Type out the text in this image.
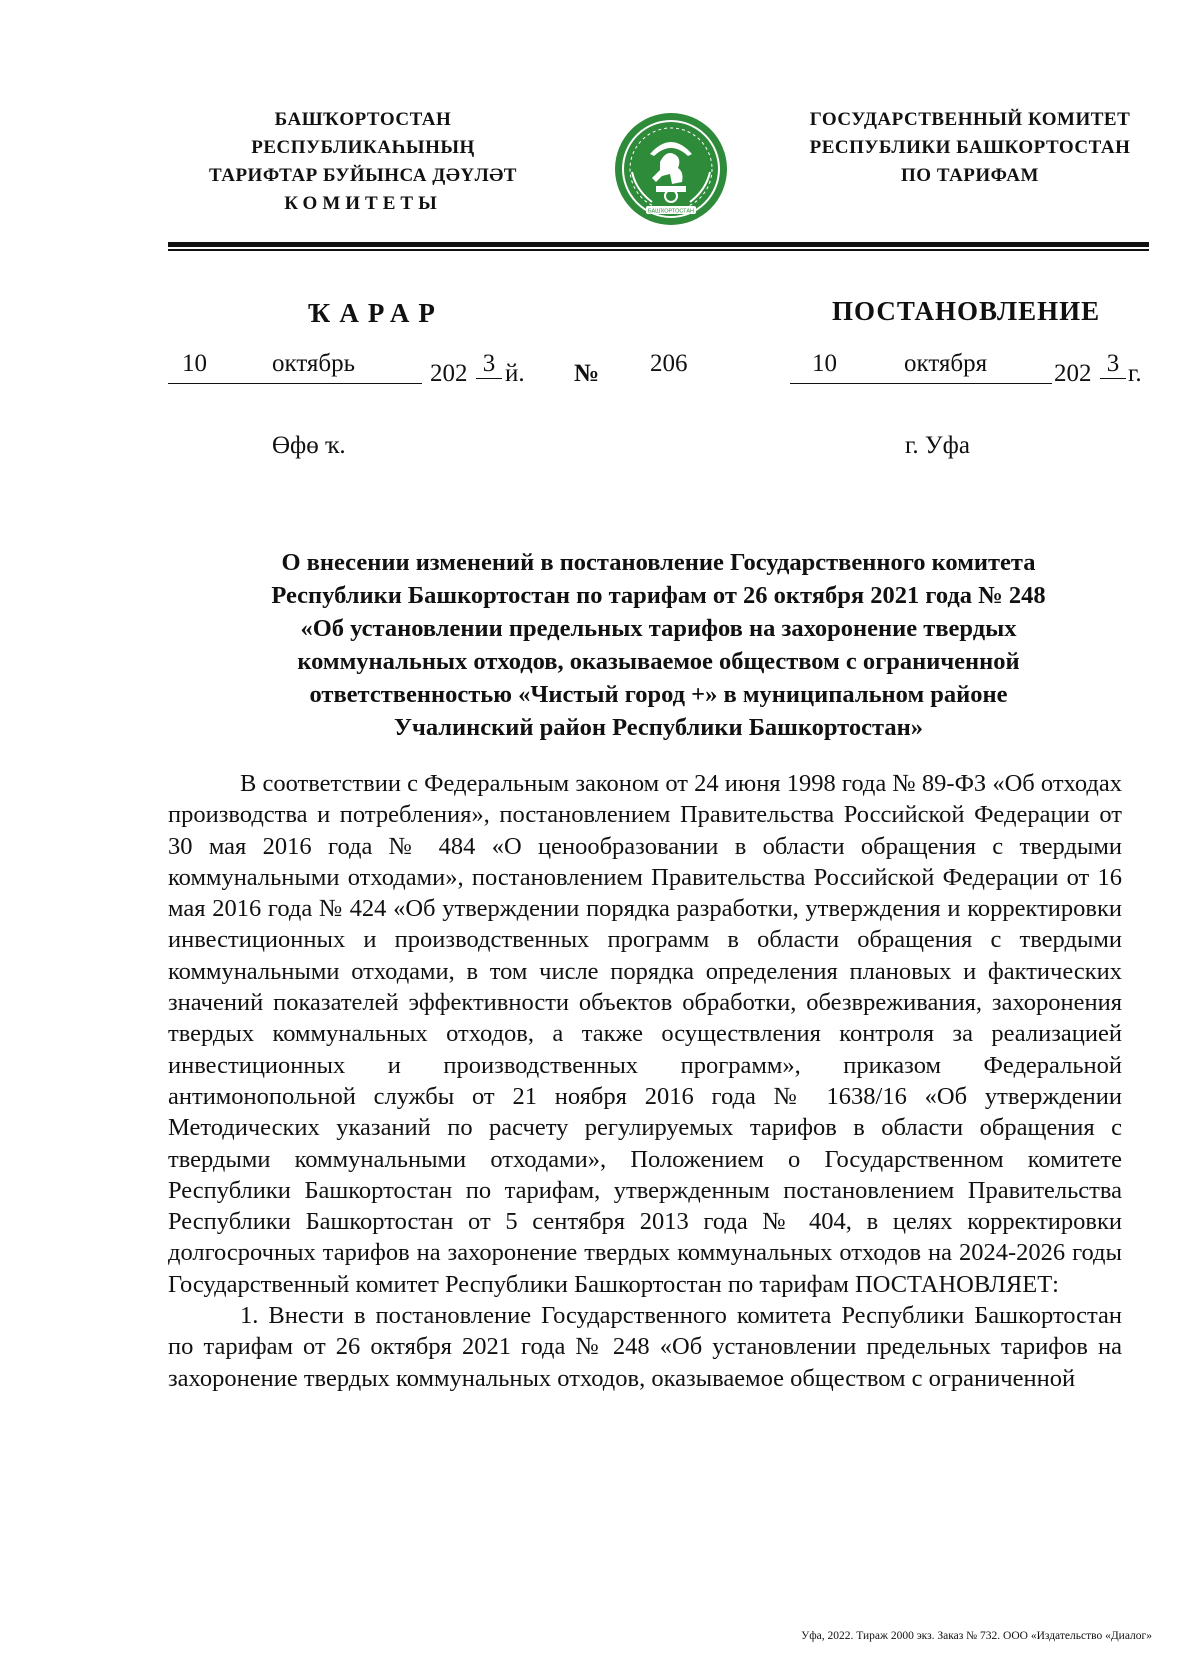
БАШҠОРТОСТАН РЕСПУБЛИКАҺЫНЫҢ
ТАРИФТАР БУЙЫНСА ДӘҮЛӘТ
КОМИТЕТЫ	БАШҠОРТОСТАН
ГОСУДАРСТВЕННЫЙ КОМИТЕТ
РЕСПУБЛИКИ БАШКОРТОСТАН
ПО ТАРИФАМ
ҠАРАР	ПОСТАНОВЛЕНИЕ
10	октябрь	202 3 й. № 206	10	октября	202 3 г.
Өфө ҡ.	г. Уфа
О внесении изменений в постановление Государственного комитета
Республики Башкортостан по тарифам от 26 октября 2021 года № 248
«Об установлении предельных тарифов на захоронение твердых
коммунальных отходов, оказываемое обществом с ограниченной
ответственностью «Чистый город +» в муниципальном районе
Учалинский район Республики Башкортостан»

В соответствии с Федеральным законом от 24 июня 1998 года № 89-ФЗ «Об отходах производства и потребления», постановлением Правительства Российской Федерации от 30 мая 2016 года № 484 «О ценообразовании в области обращения с твердыми коммунальными отходами», постановлением Правительства Российской Федерации от 16 мая 2016 года № 424 «Об утверждении порядка разработки, утверждения и корректировки инвестиционных и производственных программ в области обращения с твердыми коммунальными отходами, в том числе порядка определения плановых и фактических значений показателей эффективности объектов обработки, обезвреживания, захоронения твердых коммунальных отходов, а также осуществления контроля за реализацией инвестиционных и производственных программ», приказом Федеральной антимонопольной службы от 21 ноября 2016 года № 1638/16 «Об утверждении Методических указаний по расчету регулируемых тарифов в области обращения с твердыми коммунальными отходами», Положением о Государственном комитете Республики Башкортостан по тарифам, утвержденным постановлением Правительства Республики Башкортостан от 5 сентября 2013 года № 404, в целях корректировки долгосрочных тарифов на захоронение твердых коммунальных отходов на 2024-2026 годы Государственный комитет Республики Башкортостан по тарифам ПОСТАНОВЛЯЕТ:

1. Внести в постановление Государственного комитета Республики Башкортостан по тарифам от 26 октября 2021 года № 248 «Об установлении предельных тарифов на захоронение твердых коммунальных отходов, оказываемое обществом с ограниченной

Уфа, 2022. Тираж 2000 экз. Заказ № 732. ООО «Издательство «Диалог»
